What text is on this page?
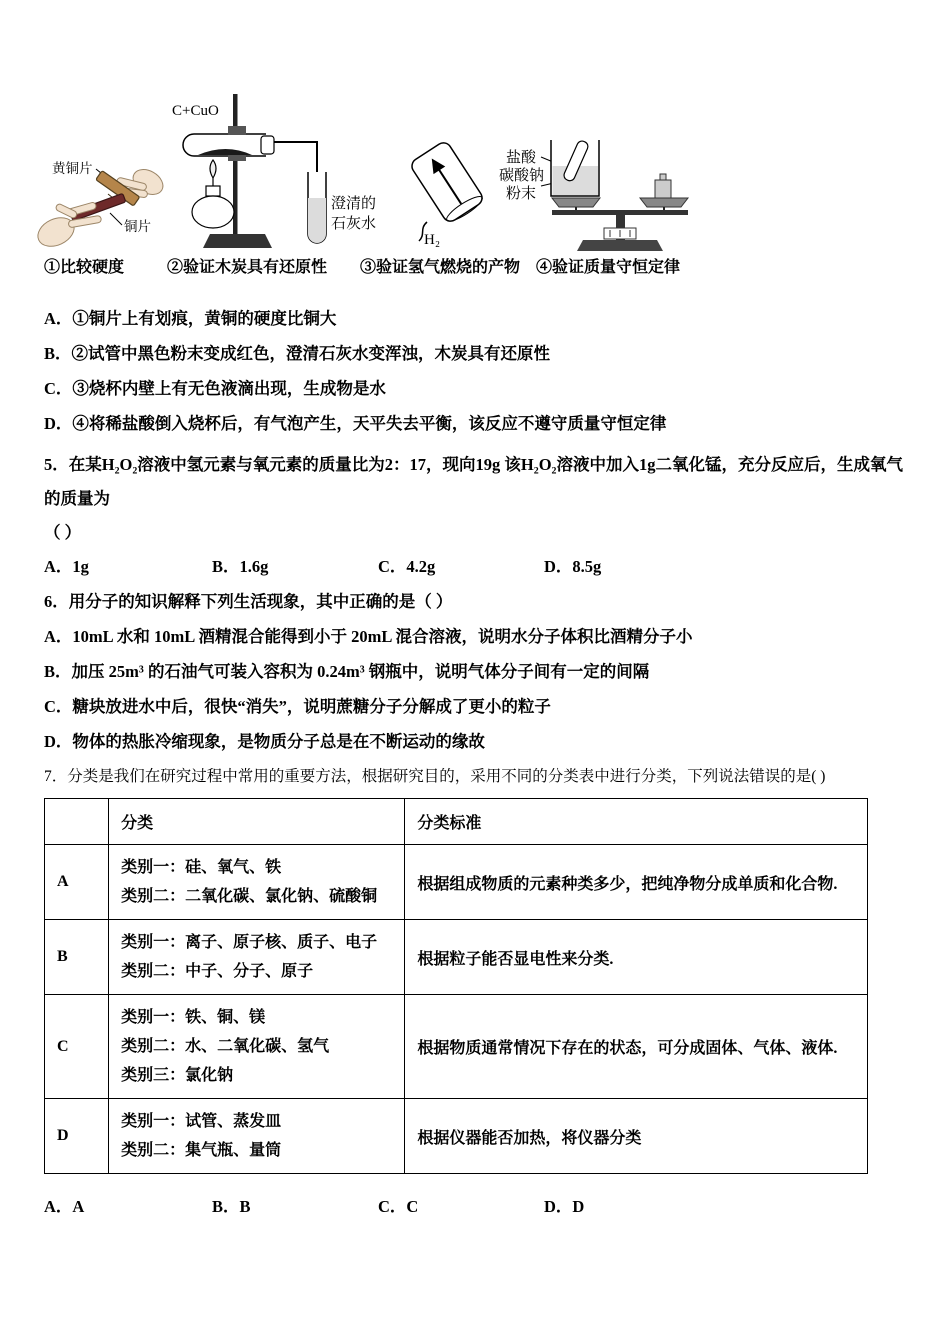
黄铜片
铜片
C+CuO
澄清的
石灰水
H₂
盐酸
碳酸钠
粉末
①比较硬度	②验证木炭具有还原性 ③验证氢气燃烧的产物 ④验证质量守恒定律
A．①铜片上有划痕，黄铜的硬度比铜大
B．②试管中黑色粉末变成红色，澄清石灰水变浑浊，木炭具有还原性
C．③烧杯内壁上有无色液滴出现，生成物是水
D．④将稀盐酸倒入烧杯后，有气泡产生，天平失去平衡，该反应不遵守质量守恒定律
5．在某H₂O₂溶液中氢元素与氧元素的质量比为2：17，现向19g 该H₂O₂溶液中加入1g二氧化锰，充分反应后，生成氧气的质量为
（ ）
A．1g	B．1.6g	C．4.2g	D．8.5g
6．用分子的知识解释下列生活现象，其中正确的是（ ）
A．10mL 水和 10mL 酒精混合能得到小于 20mL 混合溶液，说明水分子体积比酒精分子小
B．加压 25m³ 的石油气可装入容积为 0.24m³ 钢瓶中，说明气体分子间有一定的间隔
C．糖块放进水中后，很快“消失”，说明蔗糖分子分解成了更小的粒子
D．物体的热胀冷缩现象，是物质分子总是在不断运动的缘故
7．分类是我们在研究过程中常用的重要方法，根据研究目的，采用不同的分类表中进行分类，下列说法错误的是( )
	分类	分类标准
A	类别一：硅、氧气、铁
类别二：二氧化碳、氯化钠、硫酸铜	根据组成物质的元素种类多少，把纯净物分成单质和化合物.
B	类别一：离子、原子核、质子、电子
类别二：中子、分子、原子	根据粒子能否显电性来分类.
C	类别一：铁、铜、镁
类别二：水、二氧化碳、氢气
类别三：氯化钠	根据物质通常情况下存在的状态，可分成固体、气体、液体.
D	类别一：试管、蒸发皿
类别二：集气瓶、量筒	根据仪器能否加热，将仪器分类
A．A	B．B	C．C	D．D
